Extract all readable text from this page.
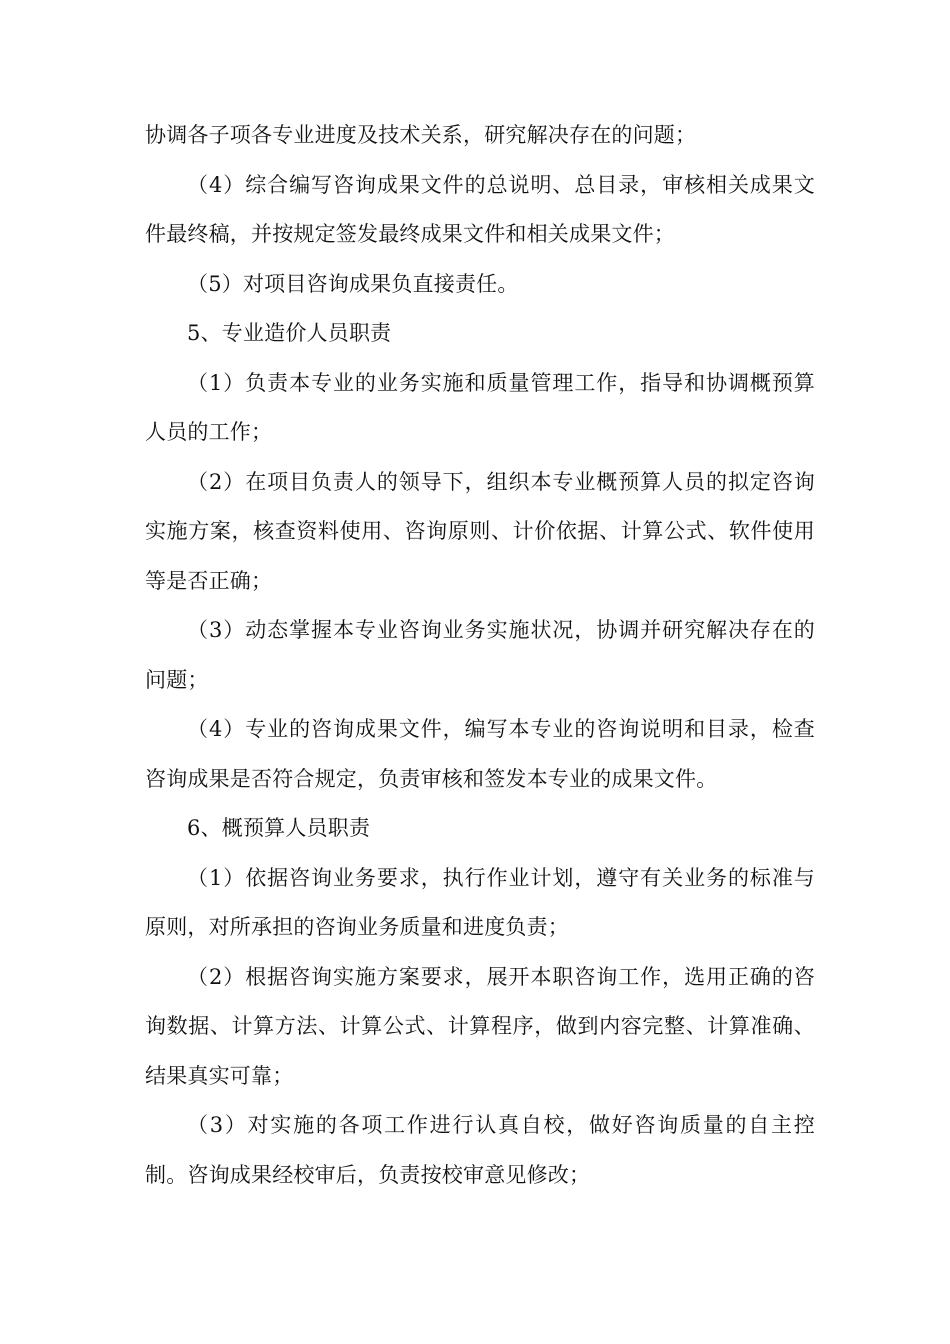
协调各子项各专业进度及技术关系，研究解决存在的问题；

（4）综合编写咨询成果文件的总说明、总目录，审核相关成果文件最终稿，并按规定签发最终成果文件和相关成果文件；

（5）对项目咨询成果负直接责任。

5、专业造价人员职责

（1）负责本专业的业务实施和质量管理工作，指导和协调概预算人员的工作；

（2）在项目负责人的领导下，组织本专业概预算人员的拟定咨询实施方案，核查资料使用、咨询原则、计价依据、计算公式、软件使用等是否正确；

（3）动态掌握本专业咨询业务实施状况，协调并研究解决存在的问题；

（4）专业的咨询成果文件，编写本专业的咨询说明和目录，检查咨询成果是否符合规定，负责审核和签发本专业的成果文件。

6、概预算人员职责

（1）依据咨询业务要求，执行作业计划，遵守有关业务的标准与原则，对所承担的咨询业务质量和进度负责；

（2）根据咨询实施方案要求，展开本职咨询工作，选用正确的咨询数据、计算方法、计算公式、计算程序，做到内容完整、计算准确、结果真实可靠；

（3）对实施的各项工作进行认真自校，做好咨询质量的自主控制。咨询成果经校审后，负责按校审意见修改；
